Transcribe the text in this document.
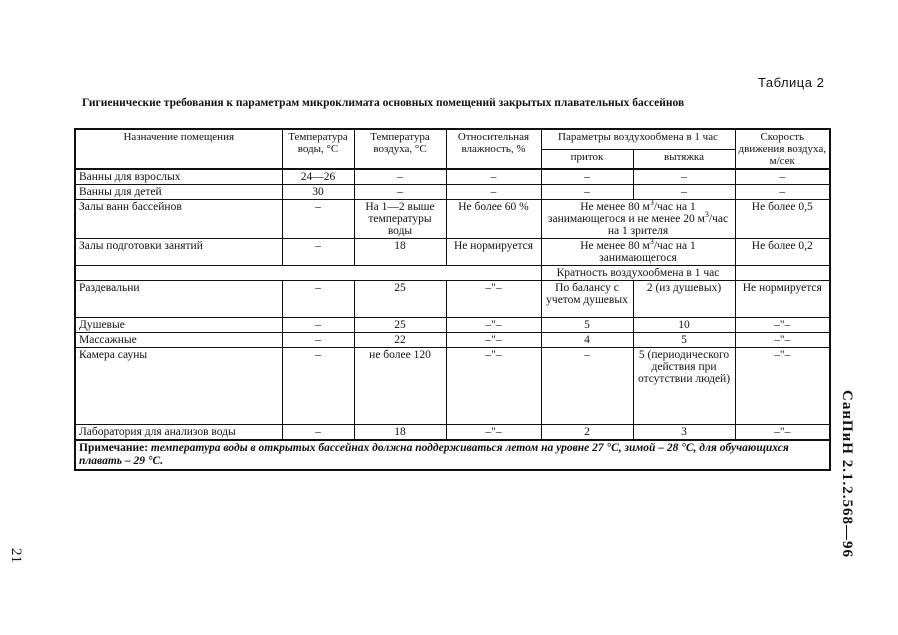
Таблица 2
Гигиенические требования к параметрам микроклимата основных помещений закрытых плавательных бассейнов
Назначение помещения	Температура воды, °С	Температура воздуха, °С	Относительная влажность, %	Параметры воздухообмена в 1 час		Скорость движения воздуха, м/сек
				приток	вытяжка	
Ванны для взрослых	24—26	–	–	–	–	–
Ванны для детей	30	–	–	–	–	–
Залы ванн бассейнов	–	На 1—2 выше температуры воды	Не более 60 %	Не менее 80 $м^3$/час на 1 занимающегося и не менее 20 $м^3$/час на 1 зрителя		Не более 0,5
Залы подготовки занятий	–	18	Не нормируется	Не менее 80 $м^3$/час на 1 занимающегося		Не более 0,2
				Кратность воздухообмена в 1 час		
Раздевальни	–	25	–"–	По балансу с учетом душевых	2 (из душевых)	Не нормируется
Душевые	–	25	–"–	5	10	–"–
Массажные	–	22	–"–	4	5	–"–
Камера сауны	–	не более 120	–"–	–	5 (периодического действия при отсутствии людей)	–"–
Лаборатория для анализов воды	–	18	–"–	2	3	–"–
Примечание: температура воды в открытых бассейнах должна поддерживаться летом на уровне 27 °С, зимой – 28 °С, для обучающихся плавать – 29 °С.						
21	СанПиН 2.1.2.568—96
